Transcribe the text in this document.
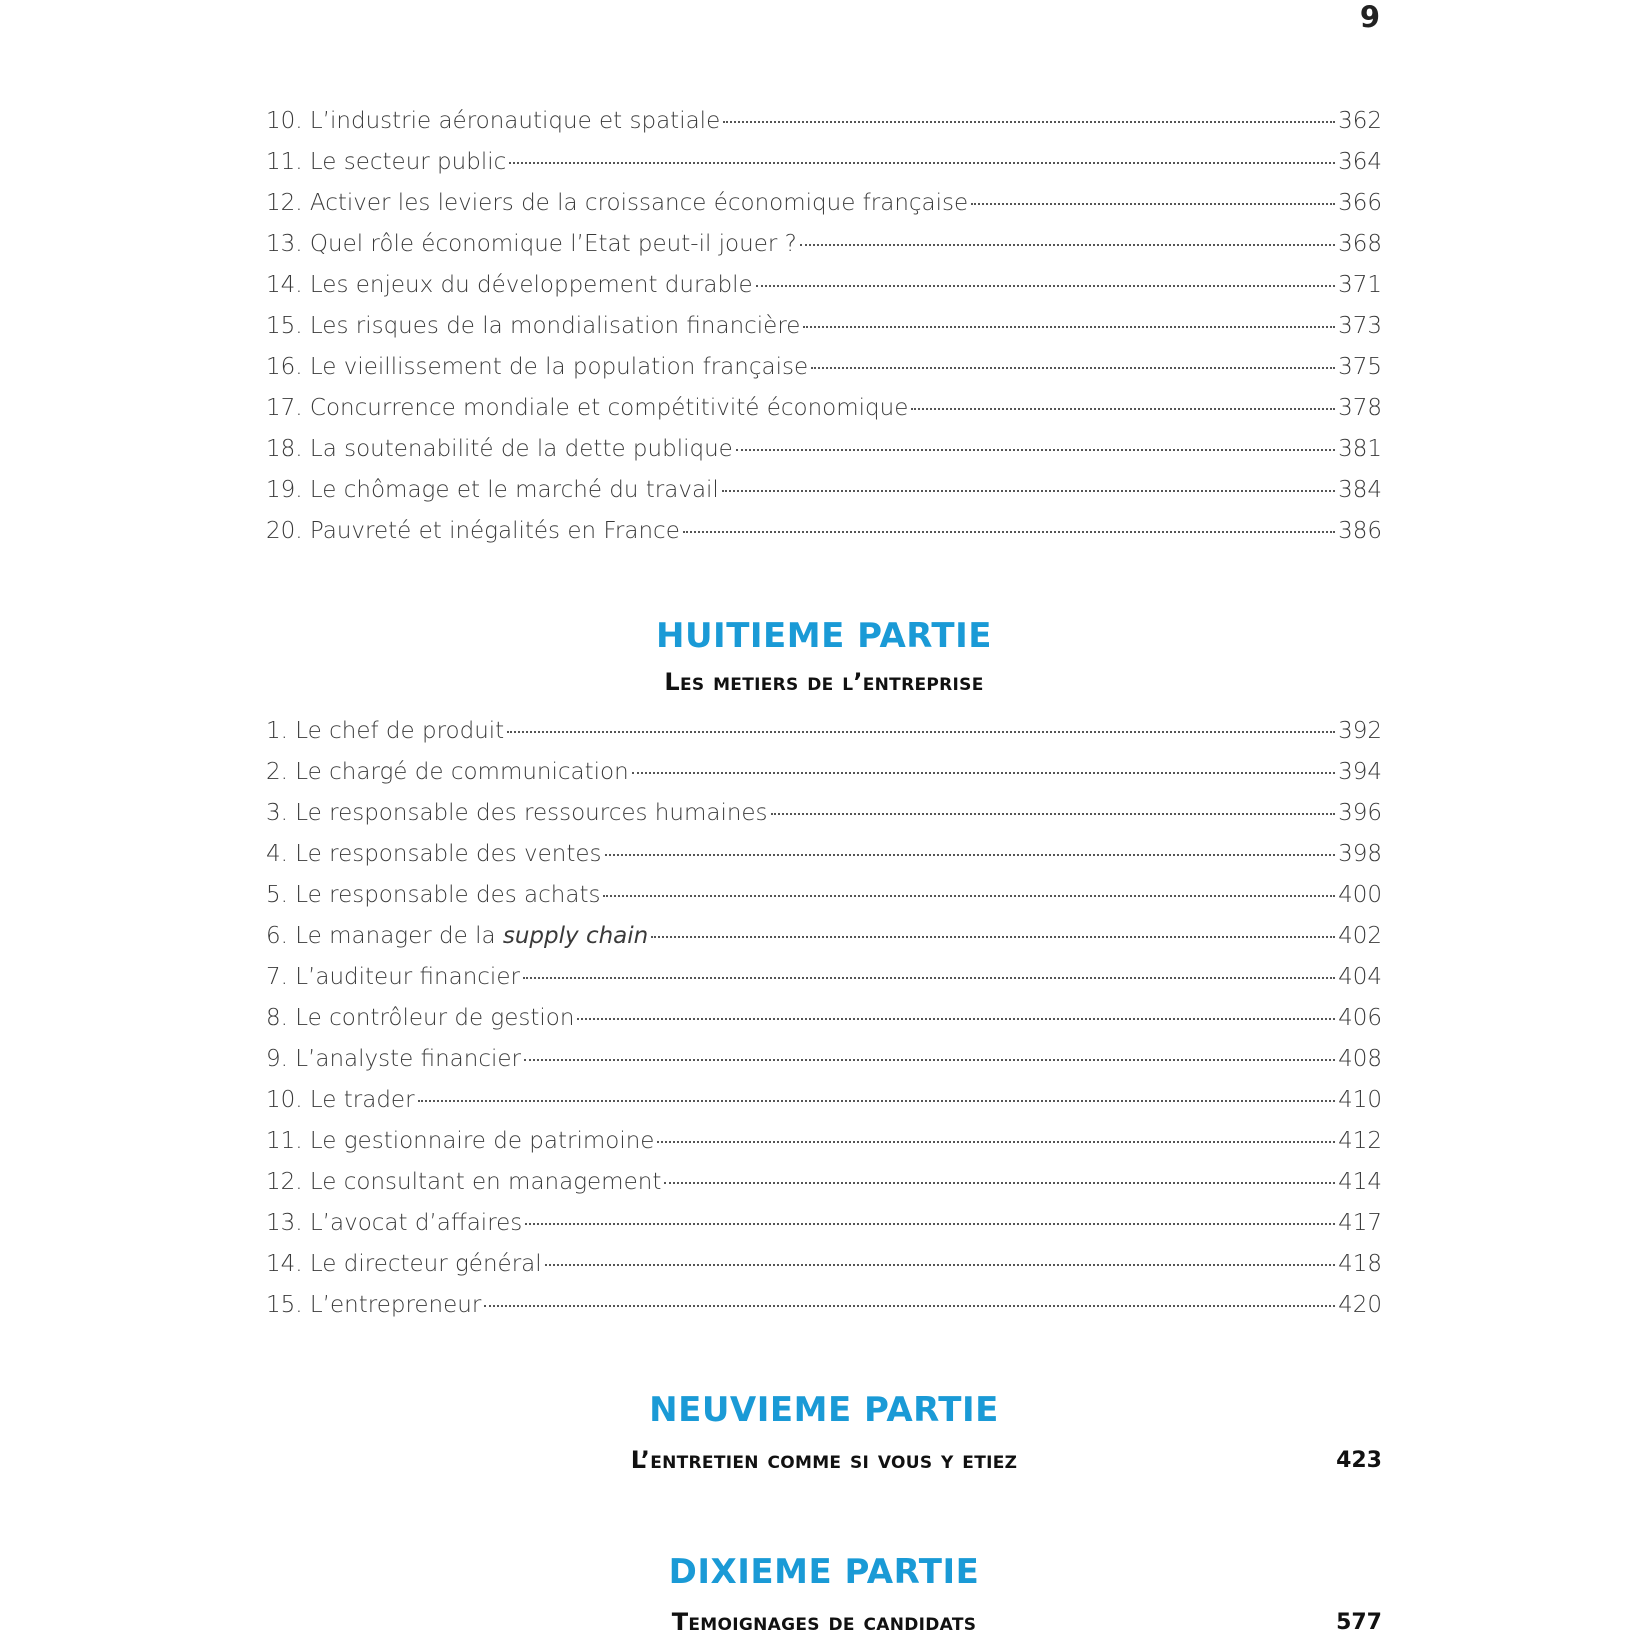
9
10. L’industrie aéronautique et spatiale	362
11. Le secteur public	364
12. Activer les leviers de la croissance économique française	366
13. Quel rôle économique l’Etat peut-il jouer ?	368
14. Les enjeux du développement durable	371
15. Les risques de la mondialisation financière	373
16. Le vieillissement de la population française	375
17. Concurrence mondiale et compétitivité économique	378
18. La soutenabilité de la dette publique	381
19. Le chômage et le marché du travail	384
20. Pauvreté et inégalités en France	386
HUITIEME PARTIE
Les metiers de l’entreprise
1. Le chef de produit	392
2. Le chargé de communication	394
3. Le responsable des ressources humaines	396
4. Le responsable des ventes	398
5. Le responsable des achats	400
6. Le manager de la supply chain	402
7. L’auditeur financier	404
8. Le contrôleur de gestion	406
9. L’analyste financier	408
10. Le trader	410
11. Le gestionnaire de patrimoine	412
12. Le consultant en management	414
13. L’avocat d’affaires	417
14. Le directeur général	418
15. L’entrepreneur	420
NEUVIEME PARTIE
L’entretien comme si vous y etiez	423
DIXIEME PARTIE
Temoignages de candidats	577
